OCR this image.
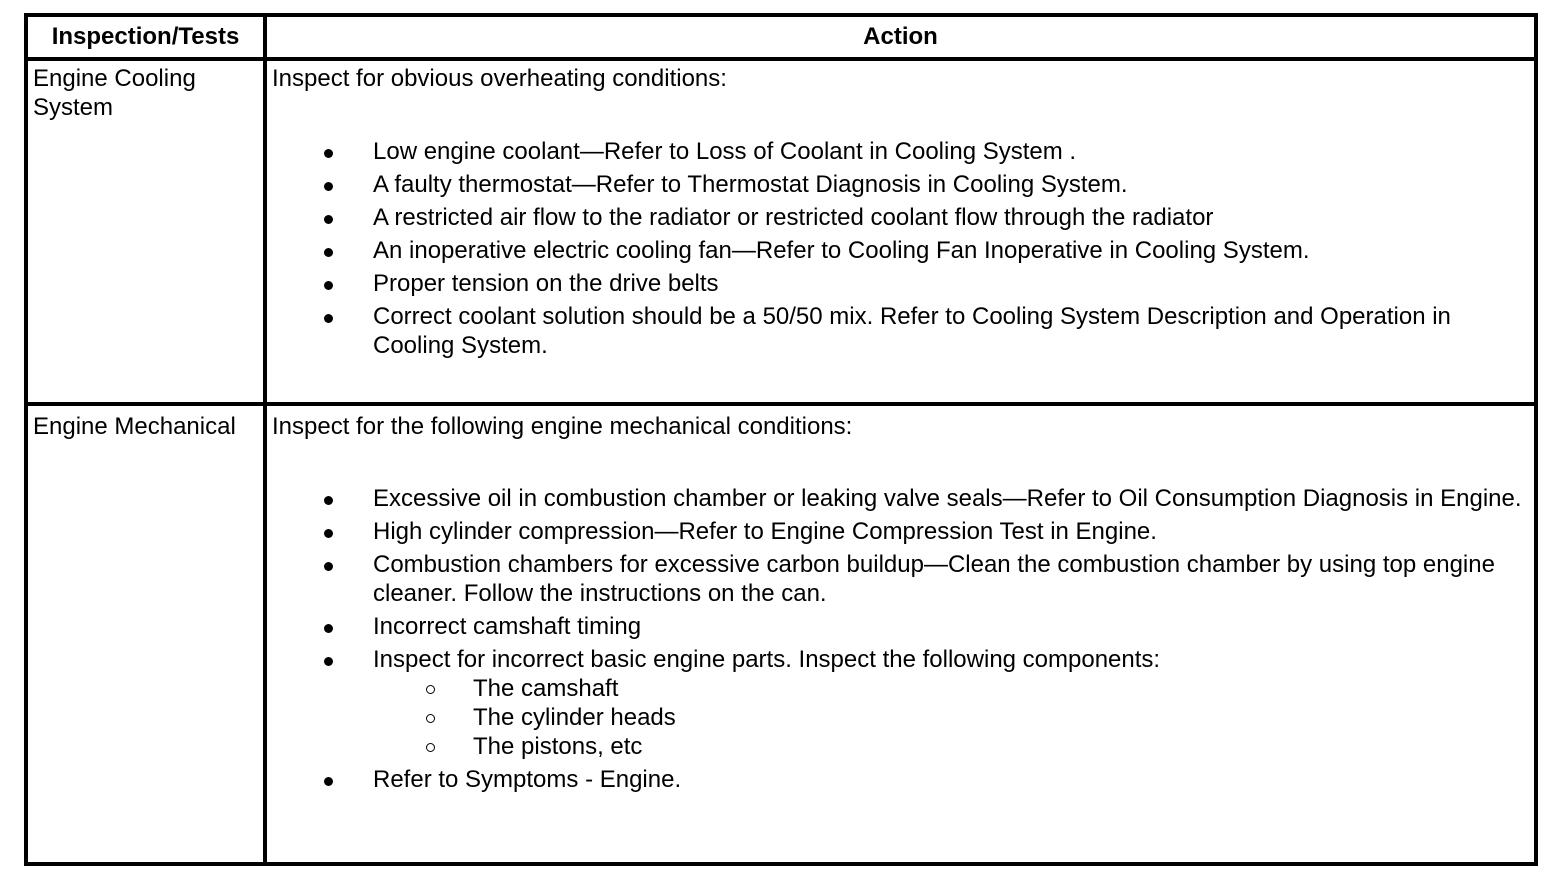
Inspection/Tests	Action
Engine Cooling System
Inspect for obvious overheating conditions:
Low engine coolant—Refer to Loss of Coolant in Cooling System .
A faulty thermostat—Refer to Thermostat Diagnosis in Cooling System.
A restricted air flow to the radiator or restricted coolant flow through the radiator
An inoperative electric cooling fan—Refer to Cooling Fan Inoperative in Cooling System.
Proper tension on the drive belts
Correct coolant solution should be a 50/50 mix. Refer to Cooling System Description and Operation in Cooling System.
Engine Mechanical	Inspect for the following engine mechanical conditions:
Excessive oil in combustion chamber or leaking valve seals—Refer to Oil Consumption Diagnosis in Engine.
High cylinder compression—Refer to Engine Compression Test in Engine.
Combustion chambers for excessive carbon buildup—Clean the combustion chamber by using top engine cleaner. Follow the instructions on the can.
Incorrect camshaft timing
Inspect for incorrect basic engine parts. Inspect the following components:
The camshaft
The cylinder heads
The pistons, etc
Refer to Symptoms - Engine.
